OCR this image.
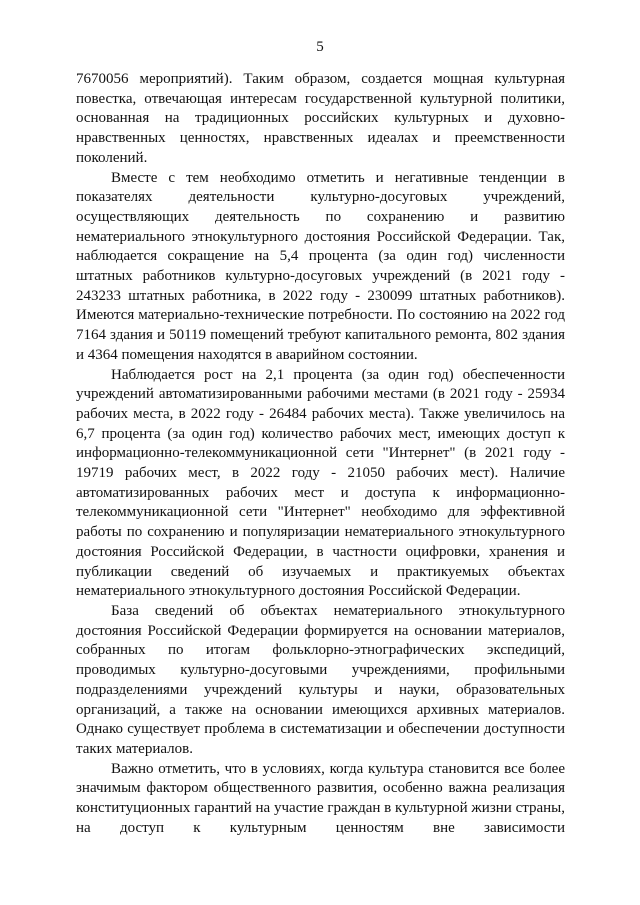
5

7670056 мероприятий). Таким образом, создается мощная культурная повестка, отвечающая интересам государственной культурной политики, основанная на традиционных российских культурных и духовно-нравственных ценностях, нравственных идеалах и преемственности поколений.

Вместе с тем необходимо отметить и негативные тенденции в показателях деятельности культурно-досуговых учреждений, осуществляющих деятельность по сохранению и развитию нематериального этнокультурного достояния Российской Федерации. Так, наблюдается сокращение на 5,4 процента (за один год) численности штатных работников культурно-досуговых учреждений (в 2021 году - 243233 штатных работника, в 2022 году - 230099 штатных работников). Имеются материально-технические потребности. По состоянию на 2022 год 7164 здания и 50119 помещений требуют капитального ремонта, 802 здания и 4364 помещения находятся в аварийном состоянии.

Наблюдается рост на 2,1 процента (за один год) обеспеченности учреждений автоматизированными рабочими местами (в 2021 году - 25934 рабочих места, в 2022 году - 26484 рабочих места). Также увеличилось на 6,7 процента (за один год) количество рабочих мест, имеющих доступ к информационно-телекоммуникационной сети "Интернет" (в 2021 году - 19719 рабочих мест, в 2022 году - 21050 рабочих мест). Наличие автоматизированных рабочих мест и доступа к информационно-телекоммуникационной сети "Интернет" необходимо для эффективной работы по сохранению и популяризации нематериального этнокультурного достояния Российской Федерации, в частности оцифровки, хранения и публикации сведений об изучаемых и практикуемых объектах нематериального этнокультурного достояния Российской Федерации.

База сведений об объектах нематериального этнокультурного достояния Российской Федерации формируется на основании материалов, собранных по итогам фольклорно-этнографических экспедиций, проводимых культурно-досуговыми учреждениями, профильными подразделениями учреждений культуры и науки, образовательных организаций, а также на основании имеющихся архивных материалов. Однако существует проблема в систематизации и обеспечении доступности таких материалов.

Важно отметить, что в условиях, когда культура становится все более значимым фактором общественного развития, особенно важна реализация конституционных гарантий на участие граждан в культурной жизни страны, на доступ к культурным ценностям вне зависимости
